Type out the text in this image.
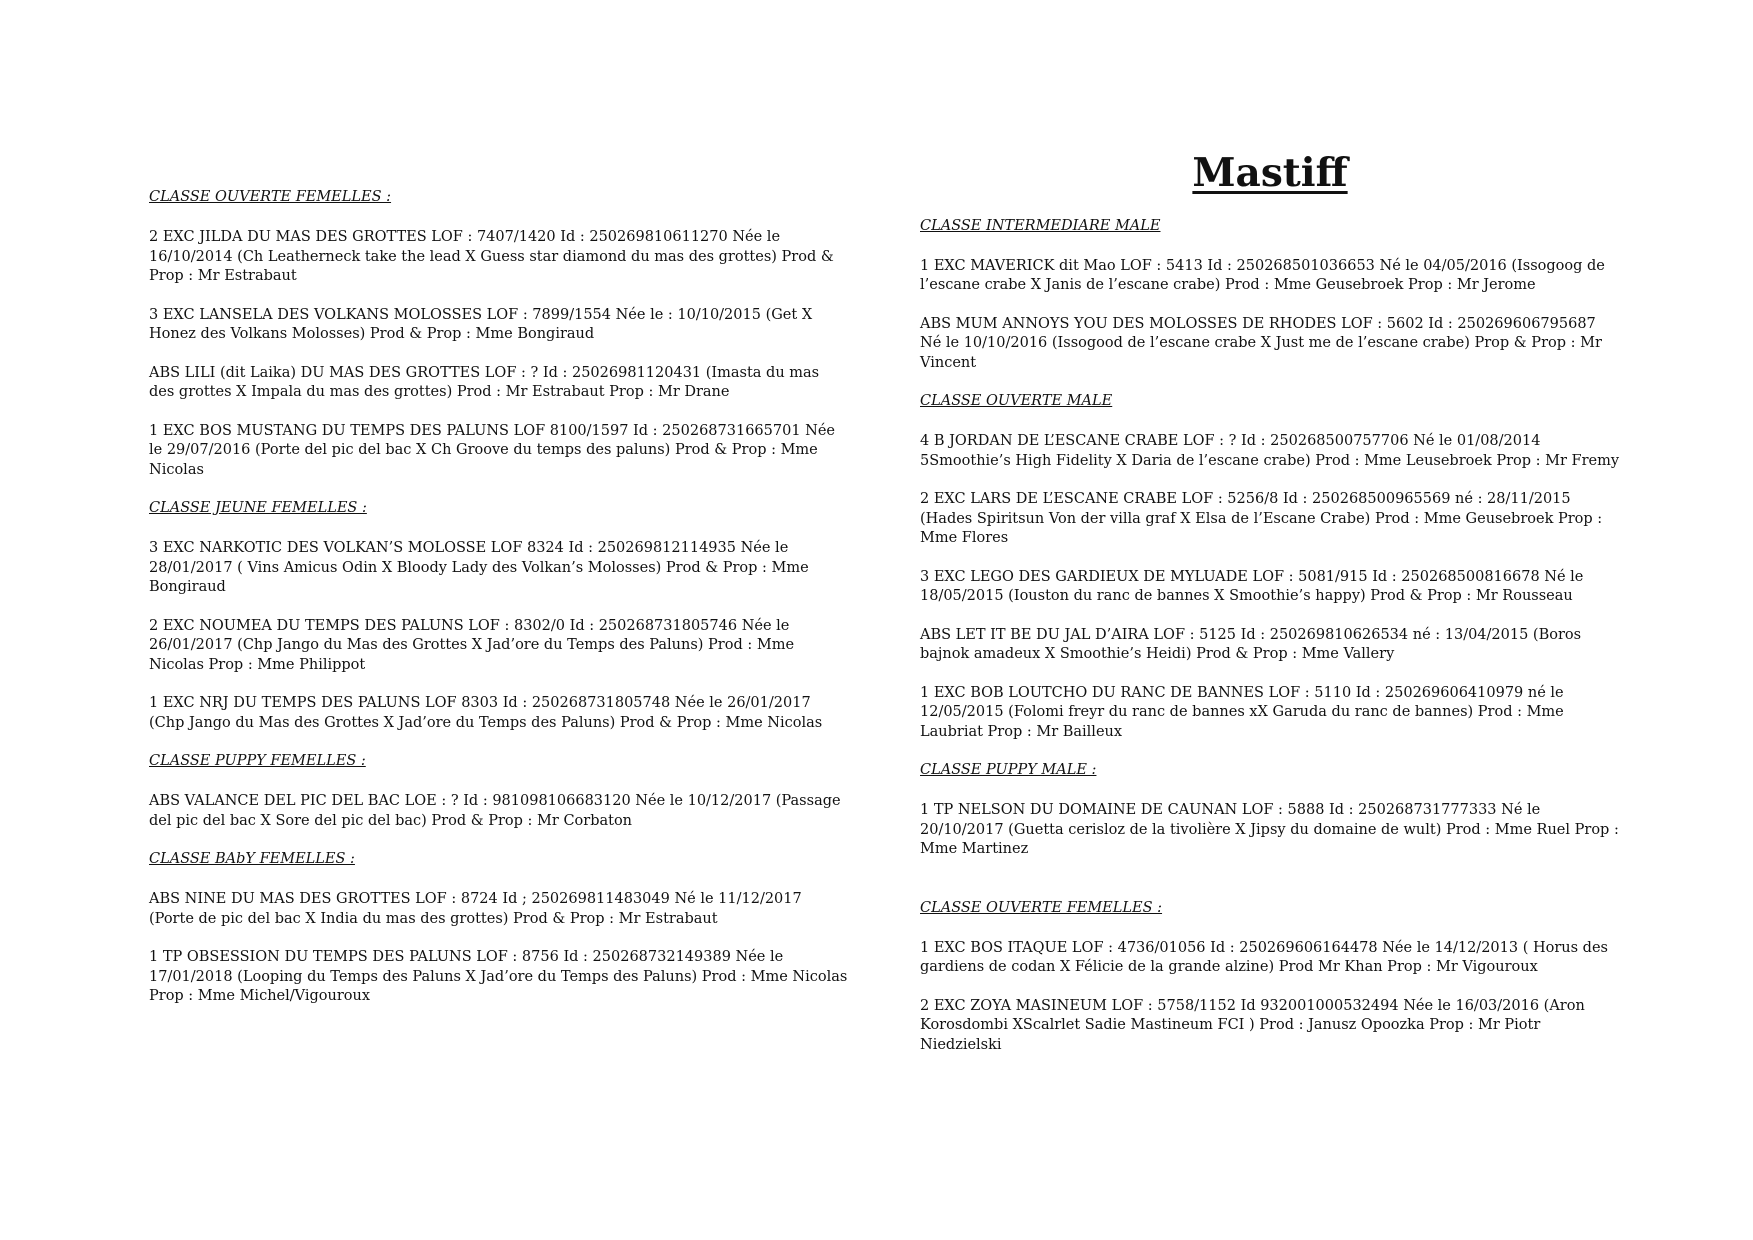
CLASSE OUVERTE FEMELLES :
2 EXC JILDA DU MAS DES GROTTES LOF : 7407/1420 Id : 250269810611270 Née le 16/10/2014 (Ch Leatherneck take the lead X Guess star diamond du mas des grottes) Prod & Prop : Mr Estrabaut
3 EXC LANSELA DES VOLKANS MOLOSSES LOF : 7899/1554 Née le : 10/10/2015 (Get X Honez des Volkans Molosses) Prod & Prop : Mme Bongiraud
ABS LILI (dit Laika) DU MAS DES GROTTES LOF : ? Id : 25026981120431 (Imasta du mas des grottes X Impala du mas des grottes) Prod : Mr Estrabaut Prop : Mr Drane
1 EXC BOS MUSTANG DU TEMPS DES PALUNS LOF 8100/1597 Id : 250268731665701 Née le 29/07/2016 (Porte del pic del bac X Ch Groove du temps des paluns) Prod & Prop : Mme Nicolas
CLASSE JEUNE FEMELLES :
3 EXC NARKOTIC DES VOLKAN’S MOLOSSE LOF 8324 Id : 250269812114935 Née le 28/01/2017 ( Vins Amicus Odin X Bloody Lady des Volkan’s Molosses) Prod & Prop : Mme Bongiraud
2 EXC NOUMEA DU TEMPS DES PALUNS LOF : 8302/0 Id : 250268731805746 Née le 26/01/2017 (Chp Jango du Mas des Grottes X Jad’ore du Temps des Paluns) Prod : Mme Nicolas Prop : Mme Philippot
1 EXC NRJ DU TEMPS DES PALUNS LOF 8303 Id : 250268731805748 Née le 26/01/2017 (Chp Jango du Mas des Grottes X Jad’ore du Temps des Paluns) Prod & Prop : Mme Nicolas
CLASSE PUPPY FEMELLES :
ABS VALANCE DEL PIC DEL BAC LOE : ? Id : 981098106683120 Née le 10/12/2017 (Passage del pic del bac X Sore del pic del bac) Prod & Prop : Mr Corbaton
CLASSE BAbY FEMELLES :
ABS NINE DU MAS DES GROTTES LOF : 8724 Id ; 250269811483049 Né le 11/12/2017 (Porte de pic del bac X India du mas des grottes) Prod & Prop : Mr Estrabaut
1 TP OBSESSION DU TEMPS DES PALUNS LOF : 8756 Id : 250268732149389 Née le 17/01/2018 (Looping du Temps des Paluns X Jad’ore du Temps des Paluns) Prod : Mme Nicolas Prop : Mme Michel/Vigouroux
Mastiff
CLASSE INTERMEDIARE MALE
1 EXC MAVERICK dit Mao LOF : 5413 Id : 250268501036653 Né le 04/05/2016 (Issogoog de l’escane crabe X Janis de l’escane crabe) Prod : Mme Geusebroek Prop : Mr Jerome
ABS MUM ANNOYS YOU DES MOLOSSES DE RHODES LOF : 5602 Id : 250269606795687 Né le 10/10/2016 (Issogood de l’escane crabe X Just me de l’escane crabe) Prop & Prop : Mr Vincent
CLASSE OUVERTE MALE
4 B JORDAN DE L’ESCANE CRABE LOF : ? Id : 250268500757706 Né le 01/08/2014 5Smoothie’s High Fidelity X Daria de l’escane crabe) Prod : Mme Leusebroek Prop : Mr Fremy
2 EXC LARS DE L’ESCANE CRABE LOF : 5256/8 Id : 250268500965569 né : 28/11/2015 (Hades Spiritsun Von der villa graf X Elsa de l’Escane Crabe) Prod : Mme Geusebroek Prop : Mme Flores
3 EXC LEGO DES GARDIEUX DE MYLUADE LOF : 5081/915 Id : 250268500816678 Né le 18/05/2015 (Iouston du ranc de bannes X Smoothie’s happy) Prod & Prop : Mr Rousseau
ABS LET IT BE DU JAL D’AIRA LOF : 5125 Id : 250269810626534 né : 13/04/2015 (Boros bajnok amadeux X Smoothie’s Heidi) Prod & Prop : Mme Vallery
1 EXC BOB LOUTCHO DU RANC DE BANNES LOF : 5110 Id : 250269606410979 né le 12/05/2015 (Folomi freyr du ranc de bannes xX Garuda du ranc de bannes) Prod : Mme Laubriat Prop : Mr Bailleux
CLASSE PUPPY MALE :
1 TP NELSON DU DOMAINE DE CAUNAN LOF : 5888 Id : 250268731777333 Né le 20/10/2017 (Guetta cerisloz de la tivolière X Jipsy du domaine de wult) Prod : Mme Ruel Prop : Mme Martinez
CLASSE OUVERTE FEMELLES :
1 EXC BOS ITAQUE LOF : 4736/01056 Id : 250269606164478 Née le 14/12/2013 ( Horus des gardiens de codan X Félicie de la grande alzine) Prod Mr Khan Prop : Mr Vigouroux
2 EXC ZOYA MASINEUM LOF : 5758/1152 Id 932001000532494 Née le 16/03/2016 (Aron Korosdombi XScalrlet Sadie Mastineum FCI ) Prod : Janusz Opoozka Prop : Mr Piotr Niedzielski
